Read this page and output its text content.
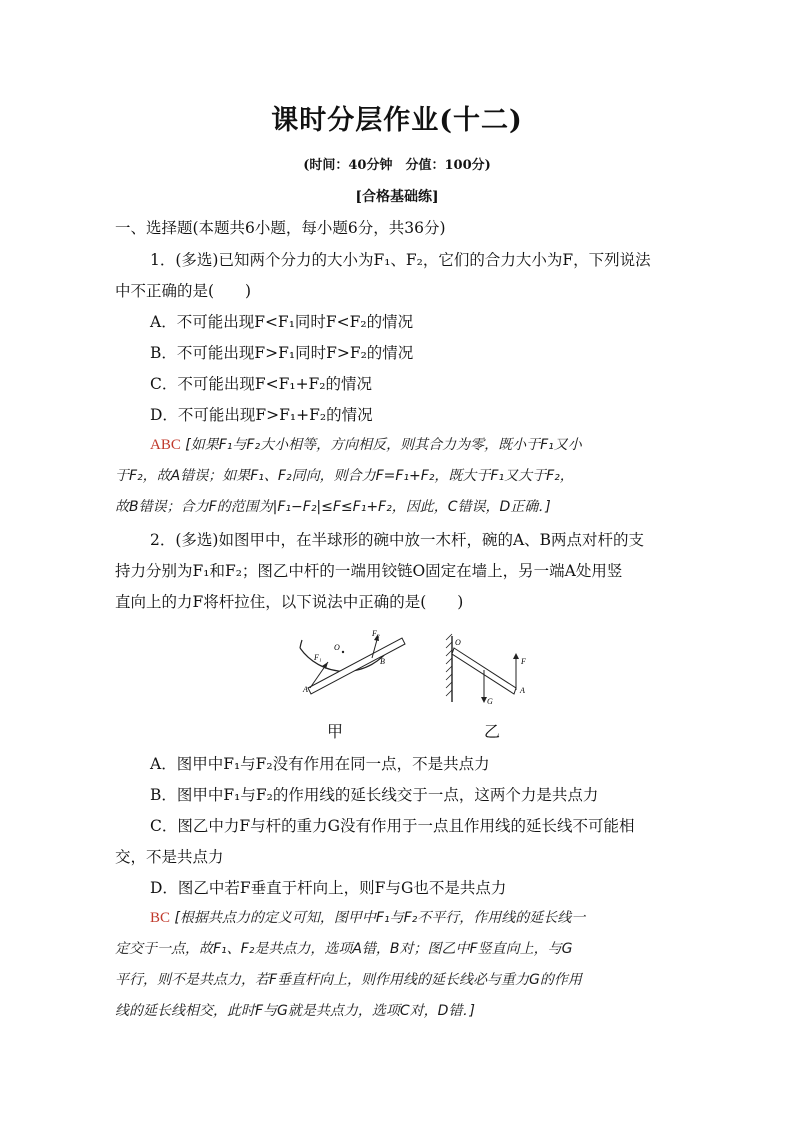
课时分层作业(十二)
(时间：40分钟　分值：100分)
[合格基础练]
一、选择题(本题共6小题，每小题6分，共36分)
1．(多选)已知两个分力的大小为F₁、F₂，它们的合力大小为F，下列说法
中不正确的是(　　)
A．不可能出现F<F₁同时F<F₂的情况
B．不可能出现F>F₁同时F>F₂的情况
C．不可能出现F<F₁+F₂的情况
D．不可能出现F>F₁+F₂的情况
ABC [如果F₁与F₂大小相等，方向相反，则其合力为零，既小于F₁又小
于F₂，故A错误；如果F₁、F₂同向，则合力F=F₁+F₂，既大于F₁又大于F₂，
故B错误；合力F的范围为|F₁−F₂|≤F≤F₁+F₂，因此，C错误，D正确．]
2．(多选)如图甲中，在半球形的碗中放一木杆，碗的A、B两点对杆的支
持力分别为F₁和F₂；图乙中杆的一端用铰链O固定在墙上，另一端A处用竖
直向上的力F将杆拉住，以下说法中正确的是(　　)
F₂
O
F₁	B
A
O
F
G
A
甲	乙
A．图甲中F₁与F₂没有作用在同一点，不是共点力
B．图甲中F₁与F₂的作用线的延长线交于一点，这两个力是共点力
C．图乙中力F与杆的重力G没有作用于一点且作用线的延长线不可能相
交，不是共点力
D．图乙中若F垂直于杆向上，则F与G也不是共点力
BC [根据共点力的定义可知，图甲中F₁与F₂不平行，作用线的延长线一
定交于一点，故F₁、F₂是共点力，选项A错，B对；图乙中F竖直向上，与G
平行，则不是共点力，若F垂直杆向上，则作用线的延长线必与重力G的作用
线的延长线相交，此时F与G就是共点力，选项C对，D错．]
